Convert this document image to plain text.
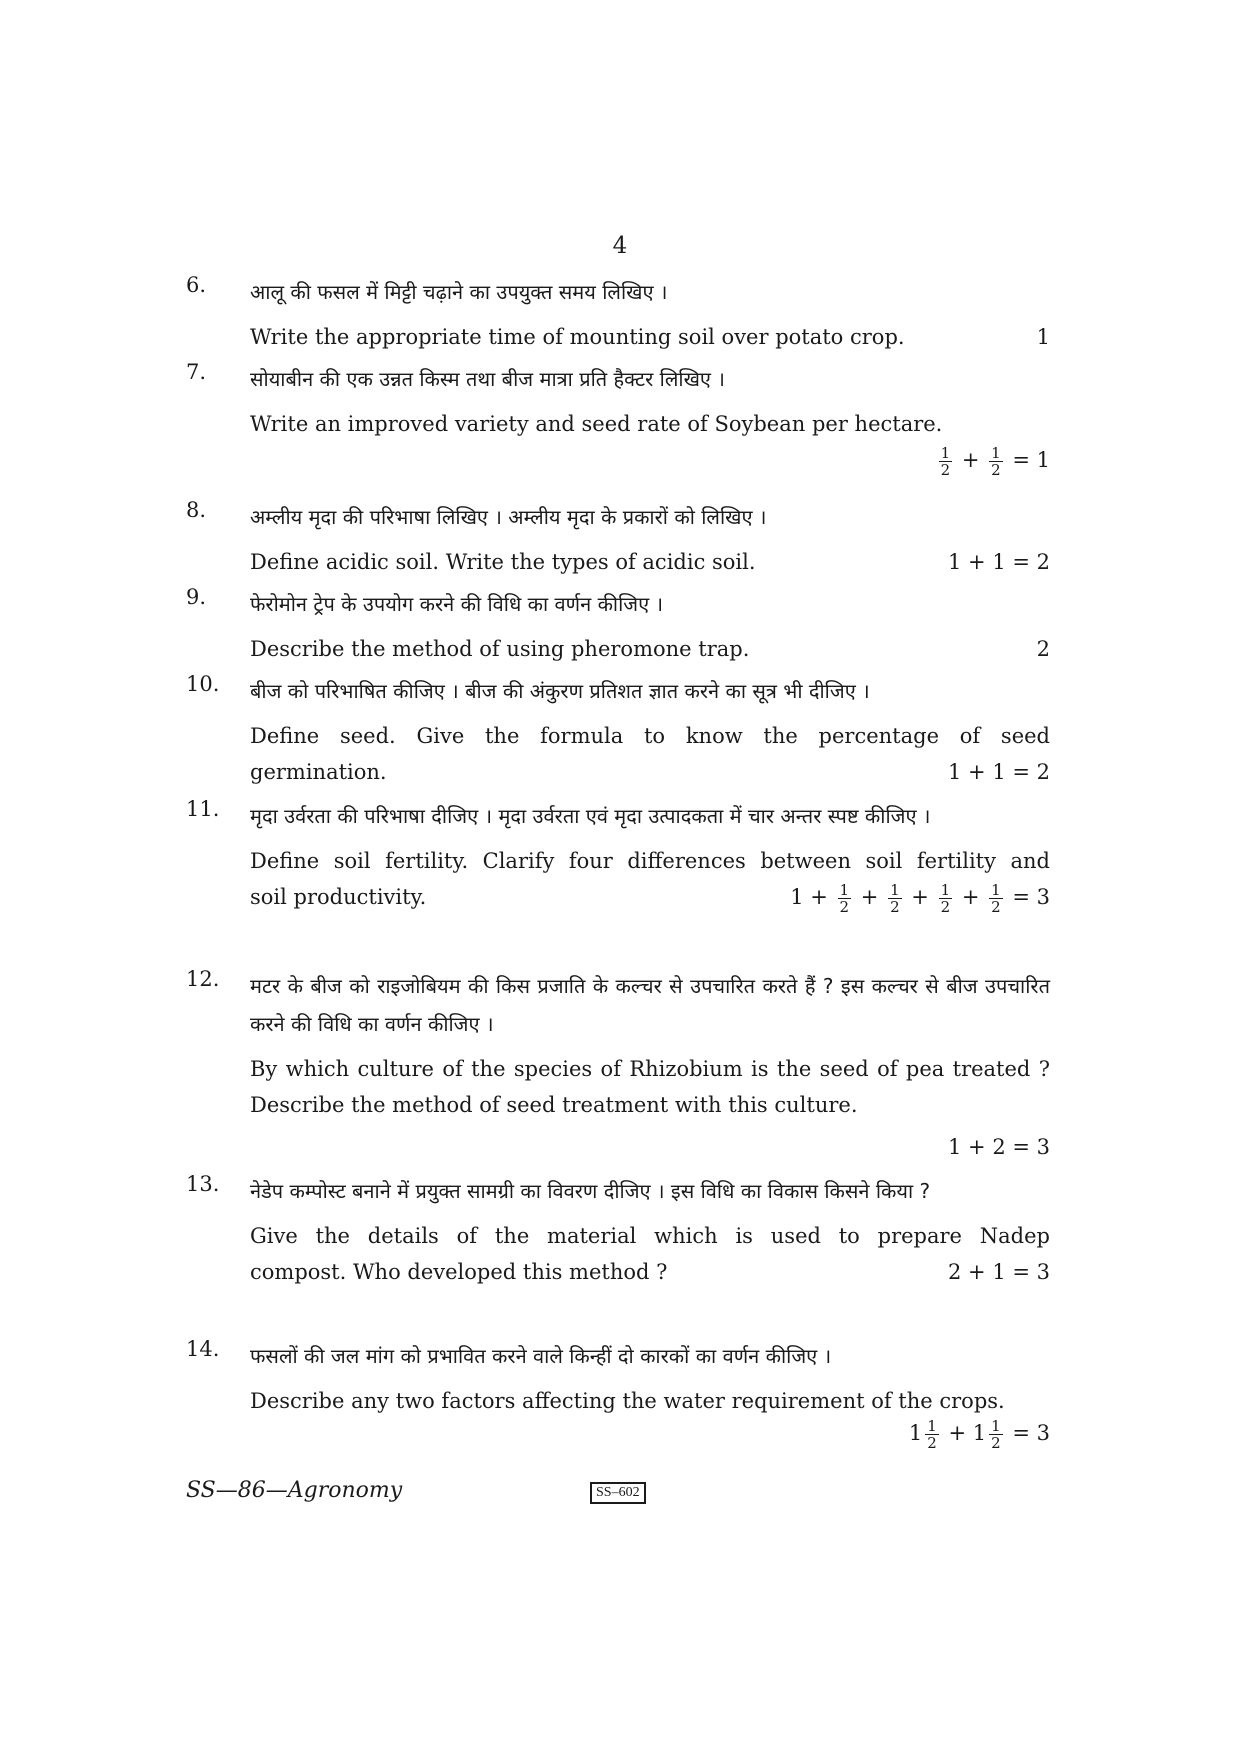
4
6.	आलू की फसल में मिट्टी चढ़ाने का उपयुक्त समय लिखिए ।
Write the appropriate time of mounting soil over potato crop.	1
7.	सोयाबीन की एक उन्नत किस्म तथा बीज मात्रा प्रति हैक्टर लिखिए ।
Write an improved variety and seed rate of Soybean per hectare.
$\frac{1}{2} + \frac{1}{2} = 1$
8.	अम्लीय मृदा की परिभाषा लिखिए । अम्लीय मृदा के प्रकारों को लिखिए ।
Define acidic soil. Write the types of acidic soil.	1 + 1 = 2
9.	फेरोमोन ट्रेप के उपयोग करने की विधि का वर्णन कीजिए ।
Describe the method of using pheromone trap.	2
10.	बीज को परिभाषित कीजिए । बीज की अंकुरण प्रतिशत ज्ञात करने का सूत्र भी दीजिए ।
Define seed. Give the formula to know the percentage of seed
germination.	1 + 1 = 2
11.	मृदा उर्वरता की परिभाषा दीजिए । मृदा उर्वरता एवं मृदा उत्पादकता में चार अन्तर स्पष्ट कीजिए ।
Define soil fertility. Clarify four differences between soil fertility and
soil productivity.	$1 + \frac{1}{2} + \frac{1}{2} + \frac{1}{2} + \frac{1}{2} = 3$
12.	मटर के बीज को राइजोबियम की किस प्रजाति के कल्चर से उपचारित करते हैं ? इस कल्चर से बीज उपचारित करने की विधि का वर्णन कीजिए ।
By which culture of the species of Rhizobium is the seed of pea treated ? Describe the method of seed treatment with this culture.
1 + 2 = 3
13.	नेडेप कम्पोस्ट बनाने में प्रयुक्त सामग्री का विवरण दीजिए । इस विधि का विकास किसने किया ?
Give the details of the material which is used to prepare Nadep
compost. Who developed this method ?	2 + 1 = 3
14.	फसलों की जल मांग को प्रभावित करने वाले किन्हीं दो कारकों का वर्णन कीजिए ।
Describe any two factors affecting the water requirement of the crops.
$1 \frac{1}{2} + 1 \frac{1}{2} = 3$
SS—86—Agronomy	SS–602
